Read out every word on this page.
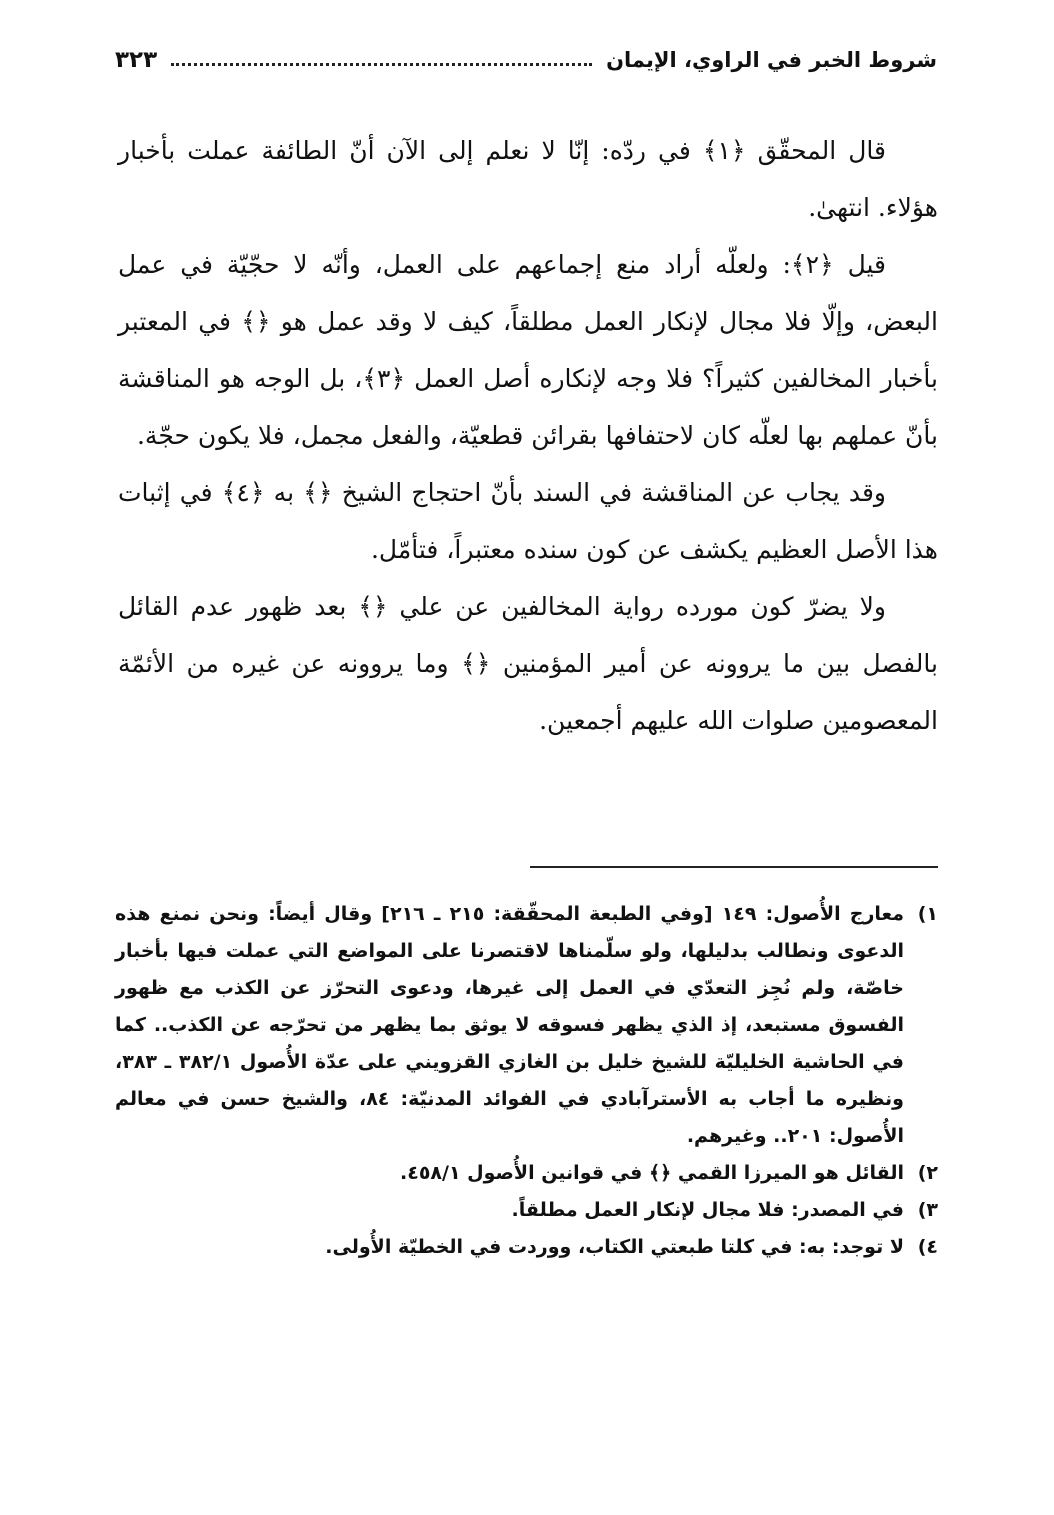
شروط الخبر في الراوي، الإيمان
٣٢٣

قال المحقّق ﴿١﴾ في ردّه: إنّا لا نعلم إلى الآن أنّ الطائفة عملت بأخبار هؤلاء. انتهىٰ.

قيل ﴿٢﴾: ولعلّه أراد منع إجماعهم على العمل، وأنّه لا حجّيّة في عمل البعض، وإلّا فلا مجال لإنكار العمل مطلقاً، كيف لا وقد عمل هو ﴿﴾ في المعتبر بأخبار المخالفين كثيراً؟ فلا وجه لإنكاره أصل العمل ﴿٣﴾، بل الوجه هو المناقشة بأنّ عملهم بها لعلّه كان لاحتفافها بقرائن قطعيّة، والفعل مجمل، فلا يكون حجّة.

وقد يجاب عن المناقشة في السند بأنّ احتجاج الشيخ ﴿﴾ به ﴿٤﴾ في إثبات هذا الأصل العظيم يكشف عن كون سنده معتبراً، فتأمّل.

ولا يضرّ كون مورده رواية المخالفين عن علي ﴿﴾ بعد ظهور عدم القائل بالفصل بين ما يروونه عن أمير المؤمنين ﴿﴾ وما يروونه عن غيره من الأئمّة المعصومين صلوات الله عليهم أجمعين.

١)
معارج الأُصول: ١٤٩ [وفي الطبعة المحقّقة: ٢١٥ ـ ٢١٦] وقال أيضاً: ونحن نمنع هذه الدعوى ونطالب بدليلها، ولو سلّمناها لاقتصرنا على المواضع التي عملت فيها بأخبار خاصّة، ولم نُجِز التعدّي في العمل إلى غيرها، ودعوى التحرّز عن الكذب مع ظهور الفسوق مستبعد، إذ الذي يظهر فسوقه لا يوثق بما يظهر من تحرّجه عن الكذب.. كما في الحاشية الخليليّة للشيخ خليل بن الغازي القزويني على عدّة الأُصول ٣٨٢/١ ـ ٣٨٣، ونظيره ما أجاب به الأسترآبادي في الفوائد المدنيّة: ٨٤، والشيخ حسن في معالم الأُصول: ٢٠١.. وغيرهم.
٢)
القائل هو الميرزا القمي ﴿﴾ في قوانين الأُصول ٤٥٨/١.
٣)
في المصدر: فلا مجال لإنكار العمل مطلقاً.
٤)
لا توجد: به: في كلتا طبعتي الكتاب، ووردت في الخطيّة الأُولى.
